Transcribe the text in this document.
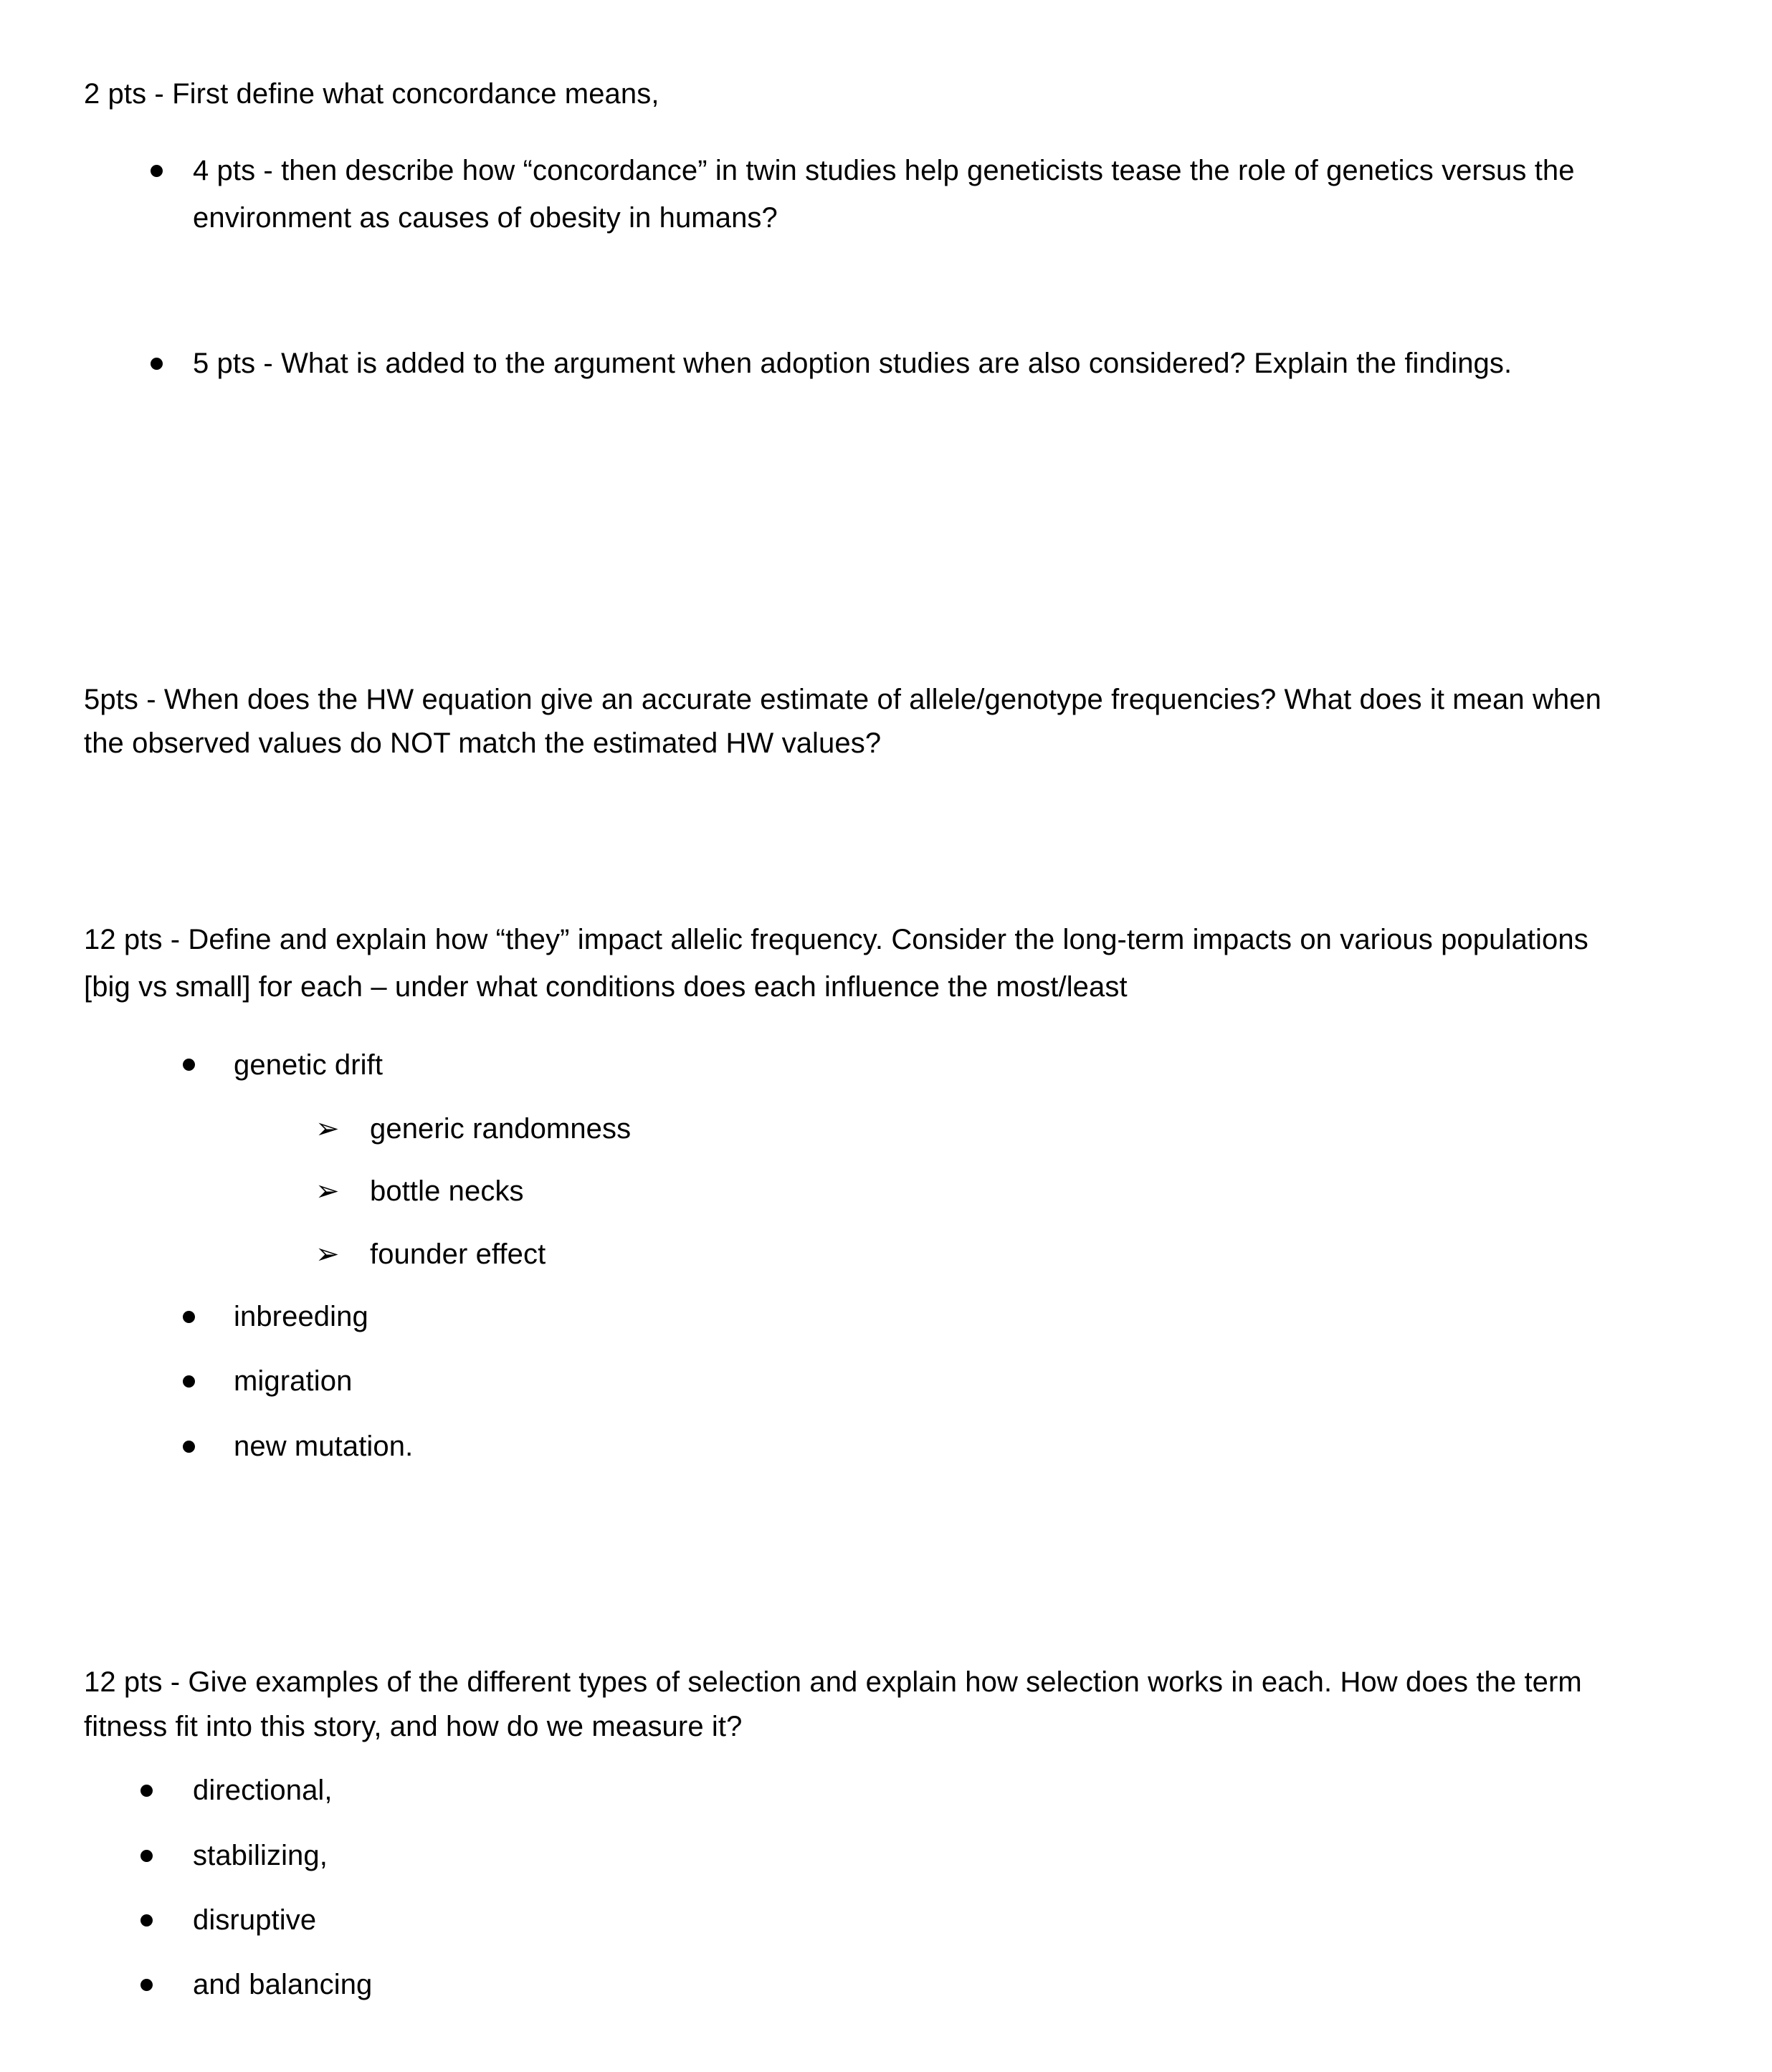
2 pts - First define what concordance means,
4 pts - then describe how “concordance” in twin studies help geneticists tease the role of genetics versus the
environment as causes of obesity in humans?
5 pts - What is added to the argument when adoption studies are also considered? Explain the findings.
5pts - When does the HW equation give an accurate estimate of allele/genotype frequencies? What does it mean when
the observed values do NOT match the estimated HW values?
12 pts - Define and explain how “they” impact allelic frequency. Consider the long-term impacts on various populations
[big vs small] for each – under what conditions does each influence the most/least
genetic drift
➢ generic randomness
➢ bottle necks
➢ founder effect
inbreeding
migration
new mutation.
12 pts - Give examples of the different types of selection and explain how selection works in each. How does the term
fitness fit into this story, and how do we measure it?
directional,
stabilizing,
disruptive
and balancing
